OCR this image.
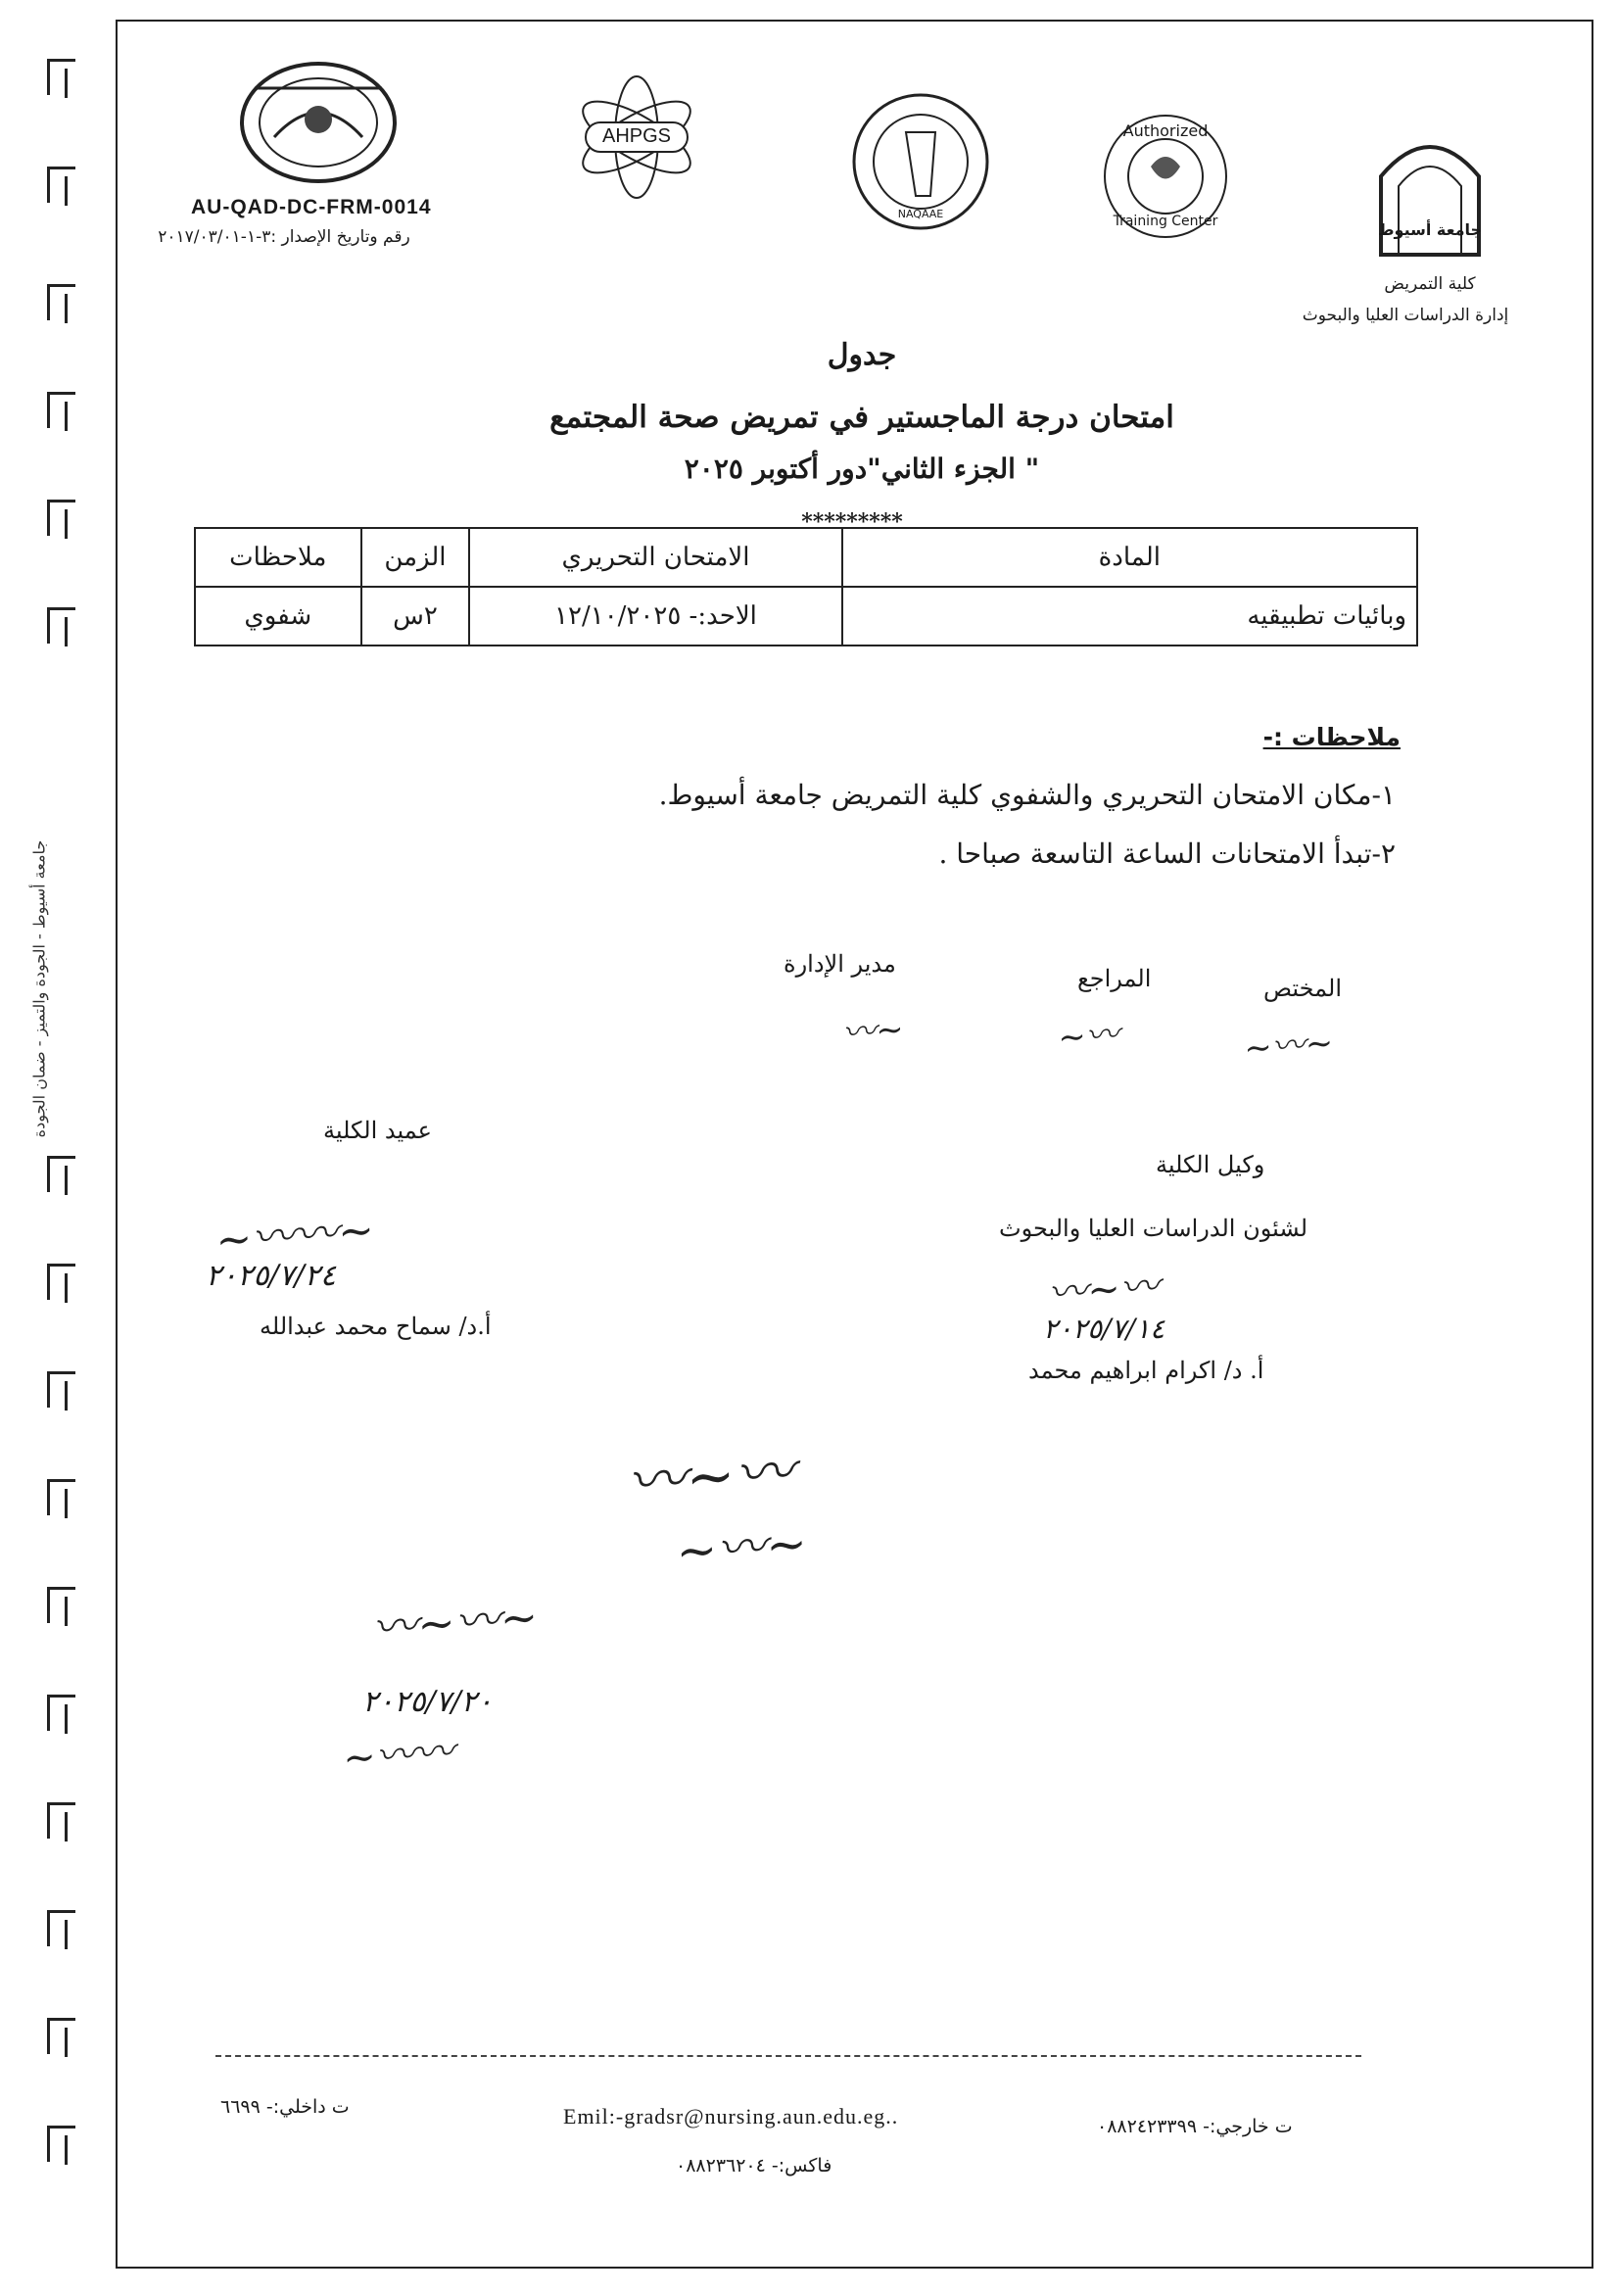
جامعة أسيوط - الجودة والتميز - ضمان الجودة
AHPGS
NAQAAE
Authorized
Training Center	جامعة أسيوط
AU-QAD-DC-FRM-0014
رقم وتاريخ الإصدار :٣-١-٢٠١٧/٠٣/٠١
كلية التمريض
إدارة الدراسات العليا والبحوث
جدول
امتحان درجة الماجستير في تمريض صحة المجتمع
" الجزء الثاني"دور أكتوبر ٢٠٢٥
*********
المادة	الامتحان التحريري	الزمن	ملاحظات
وبائيات تطبيقيه	الاحد:- ١٢/١٠/٢٠٢٥	٢س	شفوي
ملاحظات :-
١-مكان الامتحان التحريري والشفوي كلية التمريض جامعة أسيوط.
٢-تبدأ الامتحانات الساعة التاسعة صباحا .
المختص
المراجع
مدير الإدارة
~〰~
~〰
〰~
عميد الكلية
وكيل الكلية
لشئون الدراسات العليا والبحوث
~〰〰~
٢٠٢٥/٧/٢٤
أ.د/ سماح محمد عبدالله
〰~〰
٢٠٢٥/٧/١٤
أ. د/ اكرام ابراهيم محمد
〰~〰
~〰~
〰~〰~
٢٠٢٥/٧/٢٠
~〰〰
Emil:-gradsr@nursing.aun.edu.eg..	ت خارجي:- ٠٨٨٢٤٢٣٣٩٩
فاكس:- ٠٨٨٢٣٦٢٠٤
ت داخلي:- ٦٦٩٩
